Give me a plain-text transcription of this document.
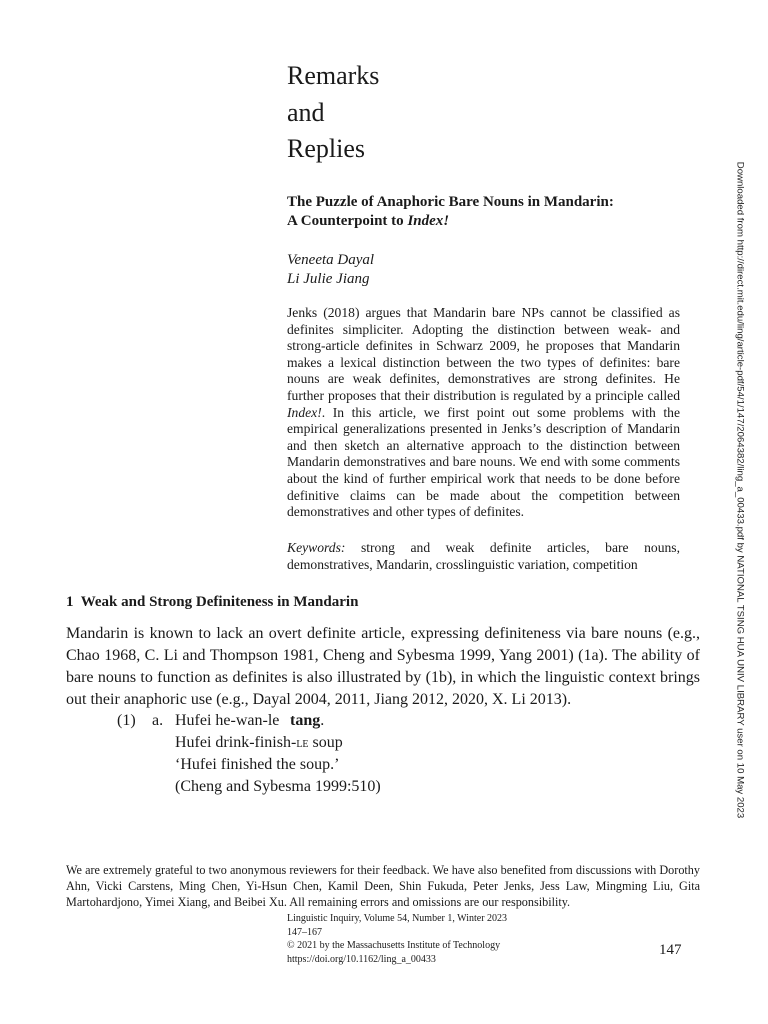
Remarks
and
Replies
The Puzzle of Anaphoric Bare Nouns in Mandarin:
A Counterpoint to Index!
Veneeta Dayal
Li Julie Jiang
Jenks (2018) argues that Mandarin bare NPs cannot be classified as definites simpliciter. Adopting the distinction between weak- and strong-article definites in Schwarz 2009, he proposes that Mandarin makes a lexical distinction between the two types of definites: bare nouns are weak definites, demonstratives are strong definites. He further proposes that their distribution is regulated by a principle called Index!. In this article, we first point out some problems with the empirical generalizations presented in Jenks’s description of Mandarin and then sketch an alternative approach to the distinction between Mandarin demonstratives and bare nouns. We end with some comments about the kind of further empirical work that needs to be done before definitive claims can be made about the competition between demonstratives and other types of definites.
Keywords: strong and weak definite articles, bare nouns, demonstratives, Mandarin, crosslinguistic variation, competition
1  Weak and Strong Definiteness in Mandarin
Mandarin is known to lack an overt definite article, expressing definiteness via bare nouns (e.g., Chao 1968, C. Li and Thompson 1981, Cheng and Sybesma 1999, Yang 2001) (1a). The ability of bare nouns to function as definites is also illustrated by (1b), in which the linguistic context brings out their anaphoric use (e.g., Dayal 2004, 2011, Jiang 2012, 2020, X. Li 2013).
(1) a. Hufei he-wan-le tang.
Hufei drink-finish-le soup
‘Hufei finished the soup.’
(Cheng and Sybesma 1999:510)
We are extremely grateful to two anonymous reviewers for their feedback. We have also benefited from discussions with Dorothy Ahn, Vicki Carstens, Ming Chen, Yi-Hsun Chen, Kamil Deen, Shin Fukuda, Peter Jenks, Jess Law, Mingming Liu, Gita Martohardjono, Yimei Xiang, and Beibei Xu. All remaining errors and omissions are our responsibility.
Linguistic Inquiry, Volume 54, Number 1, Winter 2023
147–167
© 2021 by the Massachusetts Institute of Technology
https://doi.org/10.1162/ling_a_00433
147
Downloaded from http://direct.mit.edu/ling/article-pdf/54/1/147/2064382/ling_a_00433.pdf by NATIONAL TSING HUA UNIV LIBRARY user on 10 May 2023
